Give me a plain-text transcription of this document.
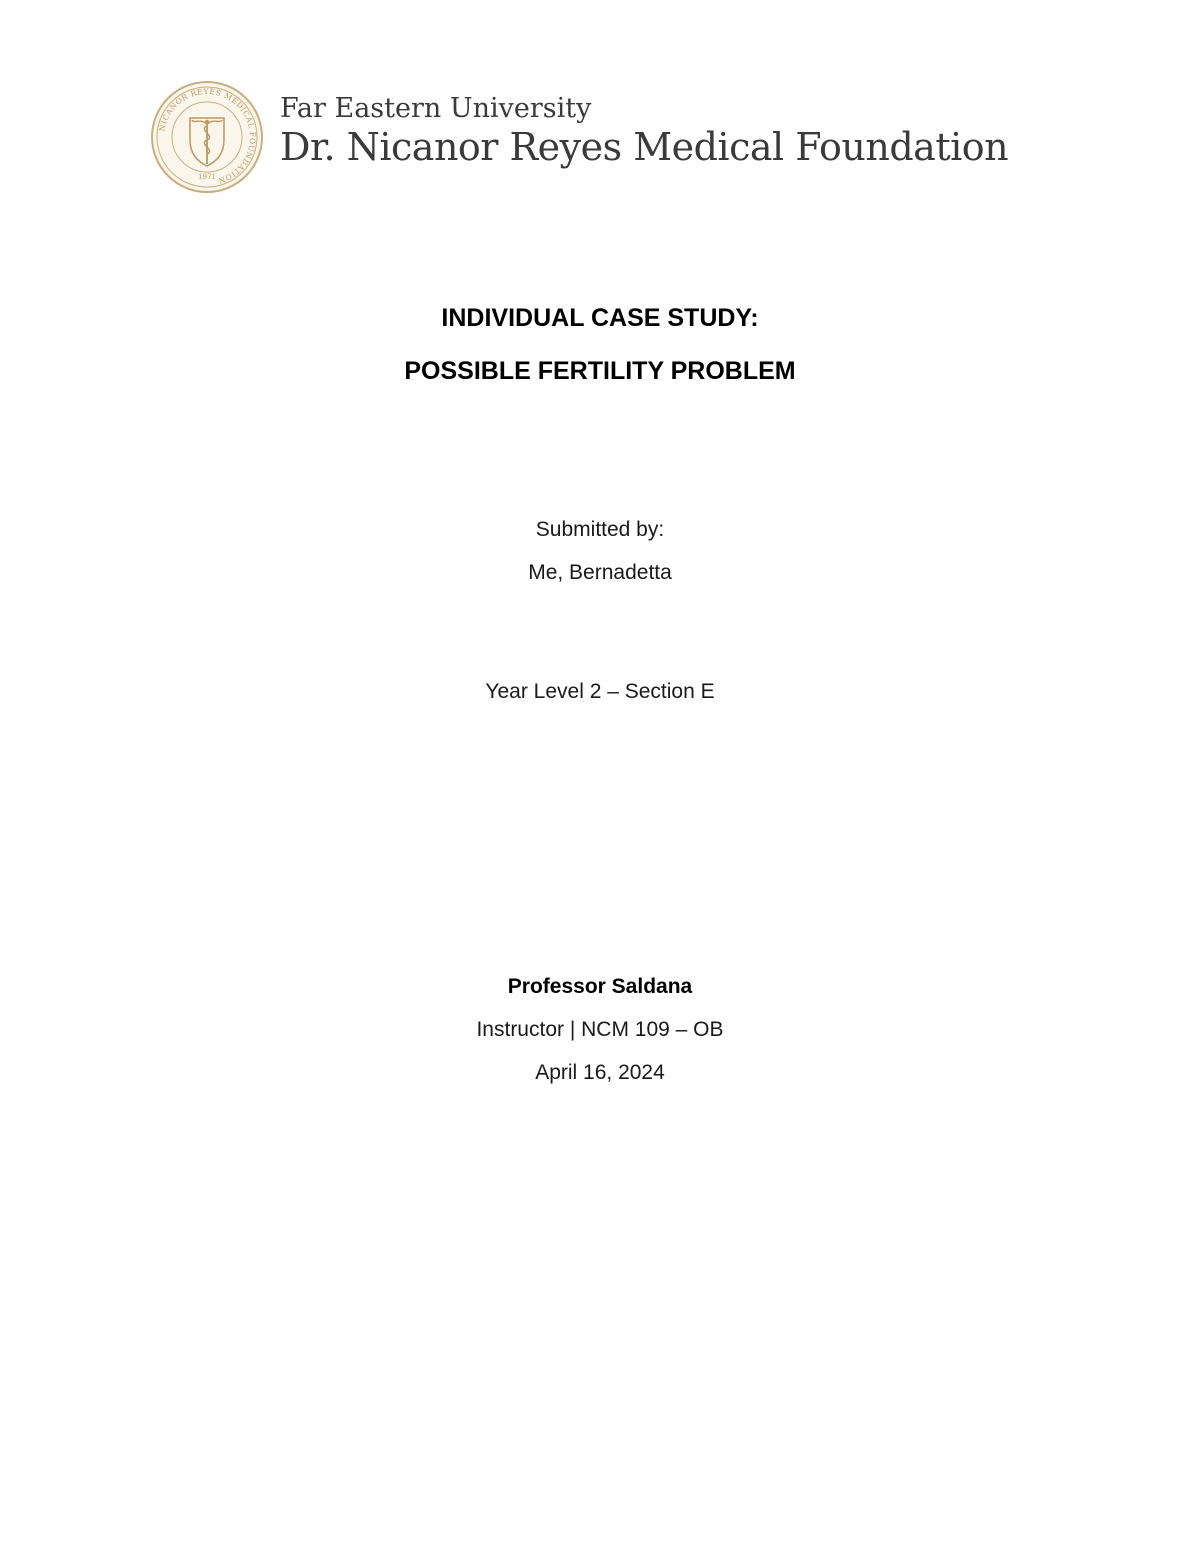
NICANOR REYES MEDICAL FOUNDATION
1971
Far Eastern University
Dr. Nicanor Reyes Medical Foundation
INDIVIDUAL CASE STUDY:
POSSIBLE FERTILITY PROBLEM
Submitted by:
Me, Bernadetta
Year Level 2 – Section E
Professor Saldana
Instructor | NCM 109 – OB
April 16, 2024
